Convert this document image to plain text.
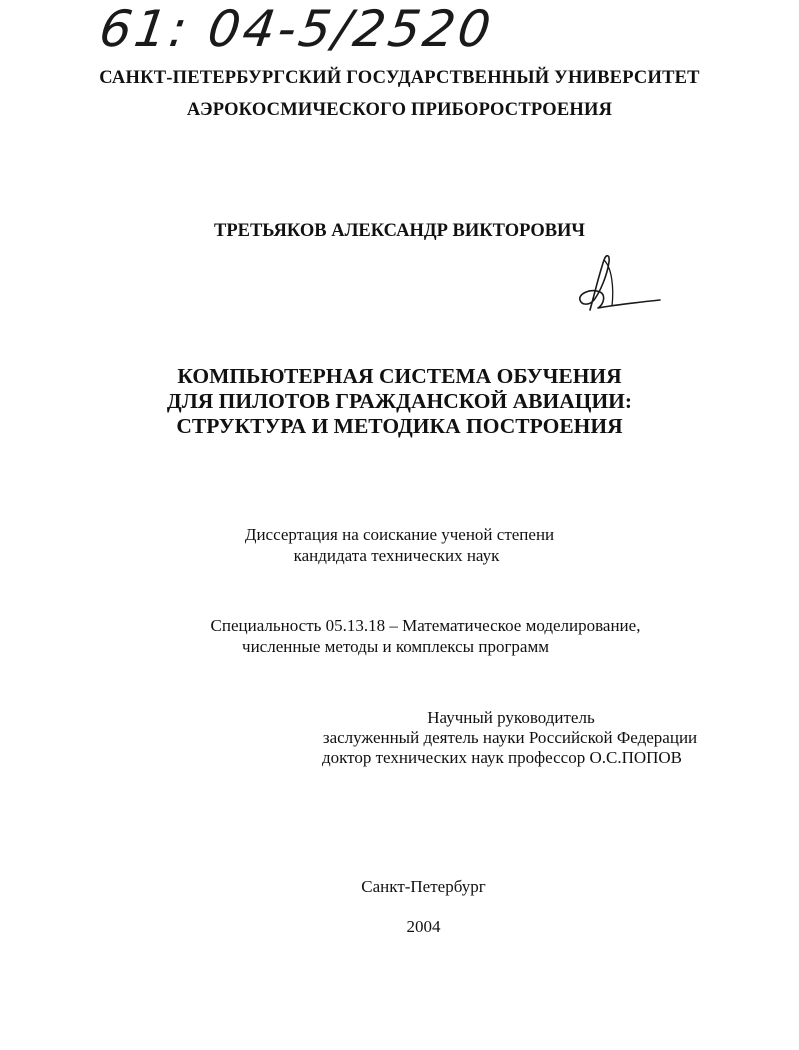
61: 04-5/2520
САНКТ-ПЕТЕРБУРГСКИЙ ГОСУДАРСТВЕННЫЙ УНИВЕРСИТЕТ
АЭРОКОСМИЧЕСКОГО ПРИБОРОСТРОЕНИЯ
ТРЕТЬЯКОВ АЛЕКСАНДР ВИКТОРОВИЧ
КОМПЬЮТЕРНАЯ СИСТЕМА ОБУЧЕНИЯ
ДЛЯ ПИЛОТОВ ГРАЖДАНСКОЙ АВИАЦИИ:
СТРУКТУРА И МЕТОДИКА ПОСТРОЕНИЯ
Диссертация на соискание ученой степени
кандидата технических наук
Специальность 05.13.18 – Математическое моделирование,
численные методы и комплексы программ
Научный руководитель
заслуженный деятель науки Российской Федерации
доктор технических наук профессор О.С.ПОПОВ
Санкт-Петербург
2004
